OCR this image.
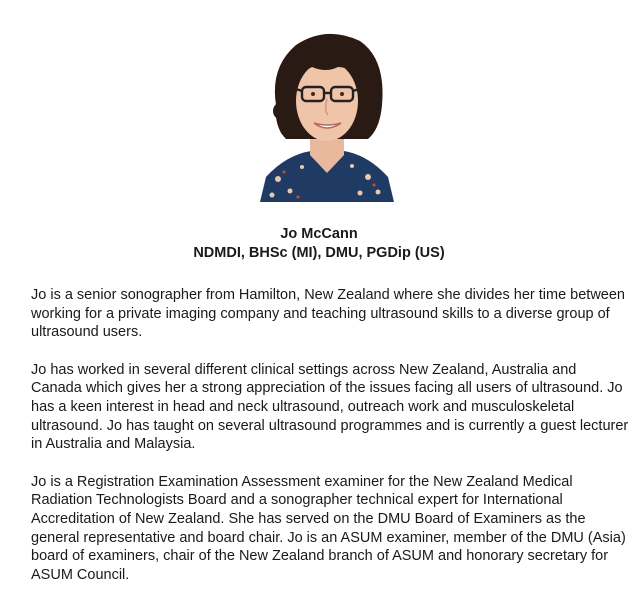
Jo McCann
NDMDI, BHSc (MI), DMU, PGDip (US)

Jo is a senior sonographer from Hamilton, New Zealand where she divides her time between working for a private imaging company and teaching ultrasound skills to a diverse group of ultrasound users.

Jo has worked in several different clinical settings across New Zealand, Australia and Canada which gives her a strong appreciation of the issues facing all users of ultrasound. Jo has a keen interest in head and neck ultrasound, outreach work and musculoskeletal ultrasound. Jo has taught on several ultrasound programmes and is currently a guest lecturer in Australia and Malaysia.

Jo is a Registration Examination Assessment examiner for the New Zealand Medical Radiation Technologists Board and a sonographer technical expert for International Accreditation of New Zealand. She has served on the DMU Board of Examiners as the general representative and board chair. Jo is an ASUM examiner, member of the DMU (Asia) board of examiners, chair of the New Zealand branch of ASUM and honorary secretary for ASUM Council.
